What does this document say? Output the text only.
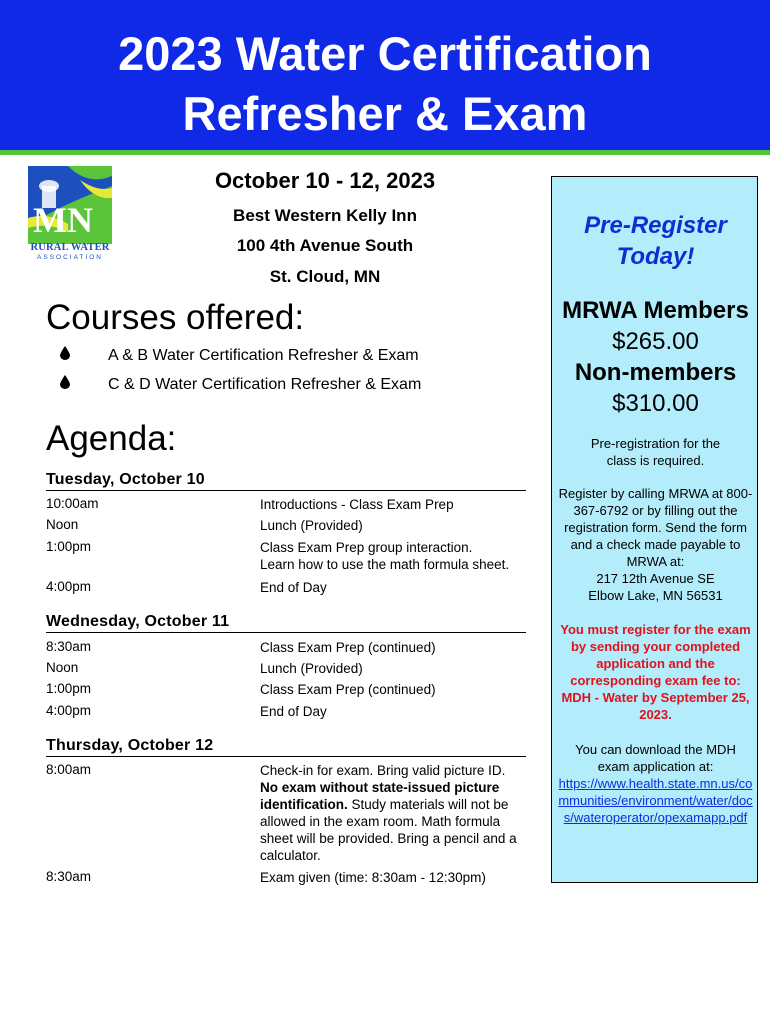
2023 Water Certification
Refresher & Exam
MN
RURAL WATER
ASSOCIATION
October 10 - 12, 2023
Best Western Kelly Inn
100 4th Avenue South
St. Cloud, MN
Courses offered:
A & B Water Certification Refresher & Exam
C & D Water Certification Refresher & Exam
Agenda:
Tuesday, October 10
10:00am	Introductions - Class Exam Prep
Noon	Lunch (Provided)
1:00pm	Class Exam Prep group interaction.
Learn how to use the math formula sheet.
4:00pm	End of Day
Wednesday, October 11
8:30am	Class Exam Prep (continued)
Noon	Lunch (Provided)
1:00pm	Class Exam Prep (continued)
4:00pm	End of Day
Thursday, October 12
8:00am	Check-in for exam. Bring valid picture ID. No exam without state-issued picture identification. Study materials will not be allowed in the exam room. Math formula sheet will be provided. Bring a pencil and a calculator.
8:30am	Exam given (time: 8:30am - 12:30pm)
Pre-Register
Today!
MRWA Members
$265.00
Non-members
$310.00
Pre-registration for the class is required.
Register by calling MRWA at 800-367-6792 or by filling out the registration form. Send the form and a check made payable to MRWA at:
217 12th Avenue SE
Elbow Lake, MN 56531
You must register for the exam by sending your completed application and the corresponding exam fee to: MDH - Water by September 25, 2023.
You can download the MDH exam application at:
https://www.health.state.mn.us/communities/environment/water/docs/wateroperator/opexamapp.pdf
